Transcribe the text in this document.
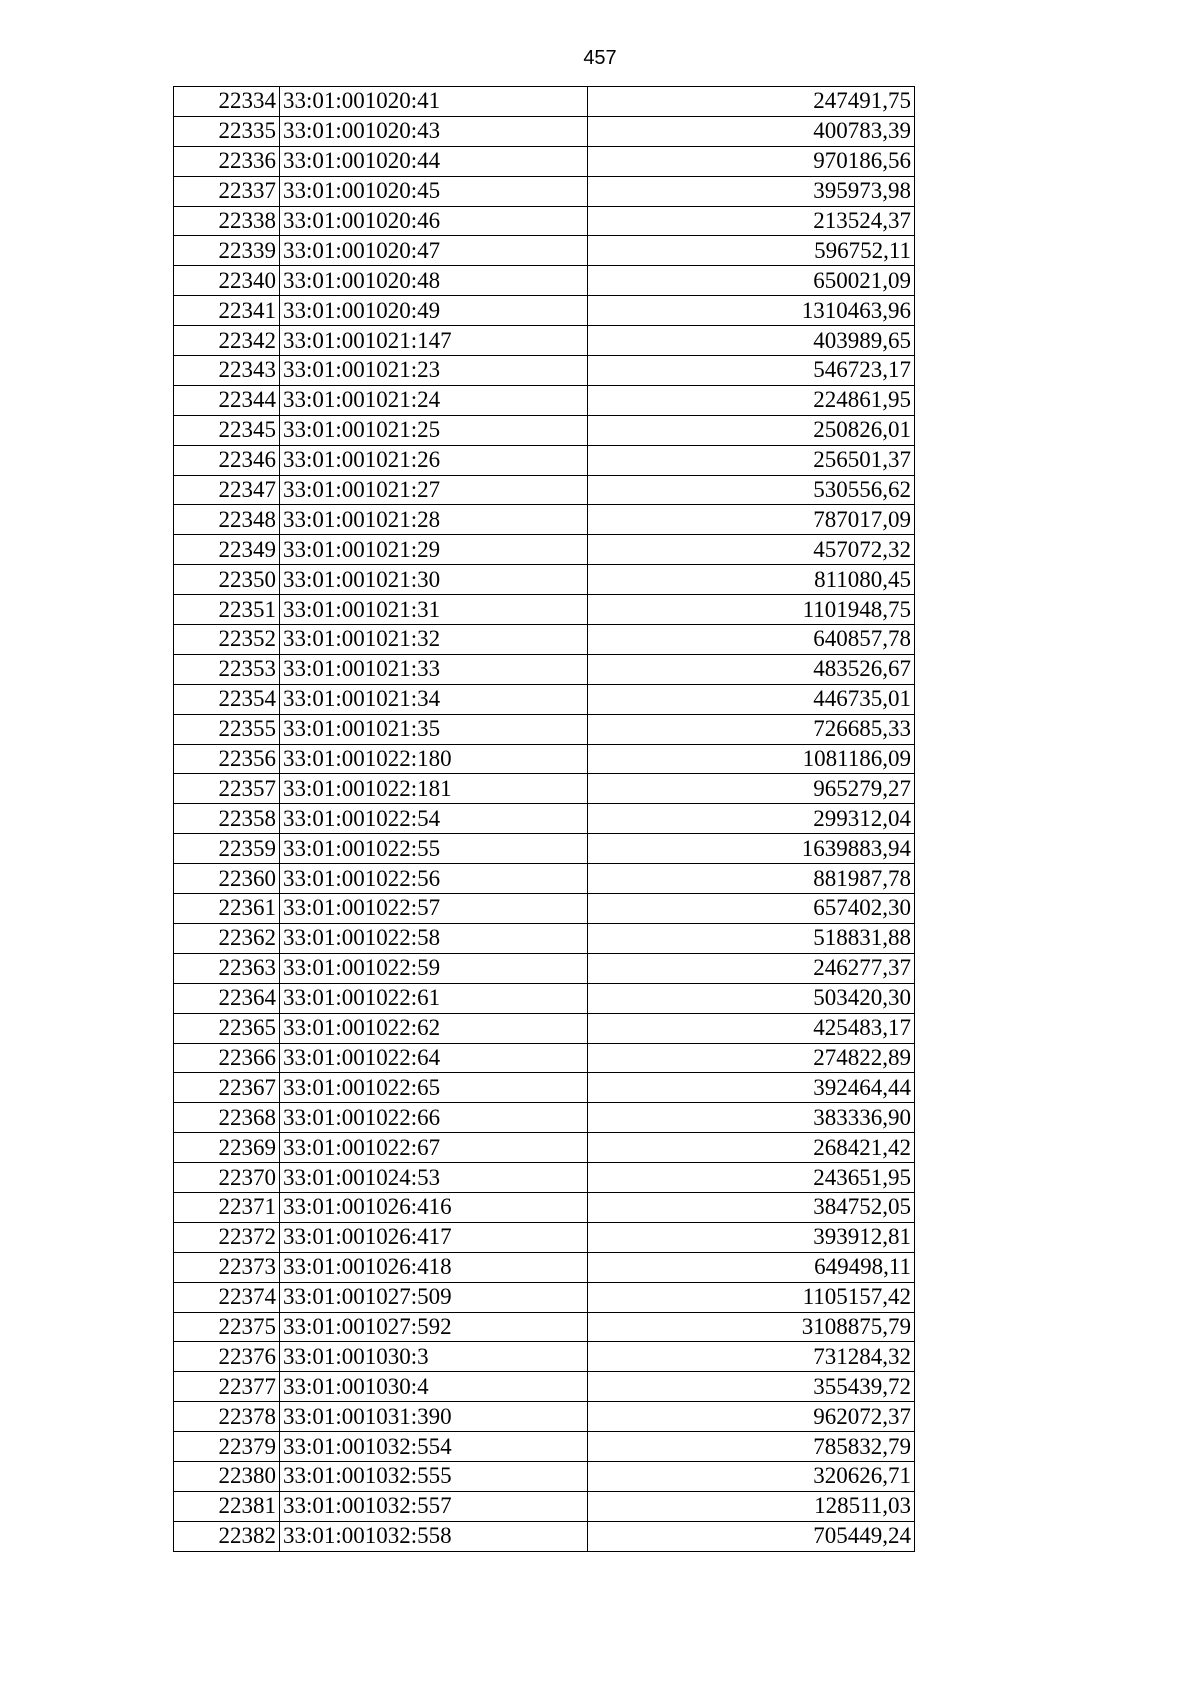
457
22334	33:01:001020:41	247491,75
22335	33:01:001020:43	400783,39
22336	33:01:001020:44	970186,56
22337	33:01:001020:45	395973,98
22338	33:01:001020:46	213524,37
22339	33:01:001020:47	596752,11
22340	33:01:001020:48	650021,09
22341	33:01:001020:49	1310463,96
22342	33:01:001021:147	403989,65
22343	33:01:001021:23	546723,17
22344	33:01:001021:24	224861,95
22345	33:01:001021:25	250826,01
22346	33:01:001021:26	256501,37
22347	33:01:001021:27	530556,62
22348	33:01:001021:28	787017,09
22349	33:01:001021:29	457072,32
22350	33:01:001021:30	811080,45
22351	33:01:001021:31	1101948,75
22352	33:01:001021:32	640857,78
22353	33:01:001021:33	483526,67
22354	33:01:001021:34	446735,01
22355	33:01:001021:35	726685,33
22356	33:01:001022:180	1081186,09
22357	33:01:001022:181	965279,27
22358	33:01:001022:54	299312,04
22359	33:01:001022:55	1639883,94
22360	33:01:001022:56	881987,78
22361	33:01:001022:57	657402,30
22362	33:01:001022:58	518831,88
22363	33:01:001022:59	246277,37
22364	33:01:001022:61	503420,30
22365	33:01:001022:62	425483,17
22366	33:01:001022:64	274822,89
22367	33:01:001022:65	392464,44
22368	33:01:001022:66	383336,90
22369	33:01:001022:67	268421,42
22370	33:01:001024:53	243651,95
22371	33:01:001026:416	384752,05
22372	33:01:001026:417	393912,81
22373	33:01:001026:418	649498,11
22374	33:01:001027:509	1105157,42
22375	33:01:001027:592	3108875,79
22376	33:01:001030:3	731284,32
22377	33:01:001030:4	355439,72
22378	33:01:001031:390	962072,37
22379	33:01:001032:554	785832,79
22380	33:01:001032:555	320626,71
22381	33:01:001032:557	128511,03
22382	33:01:001032:558	705449,24
